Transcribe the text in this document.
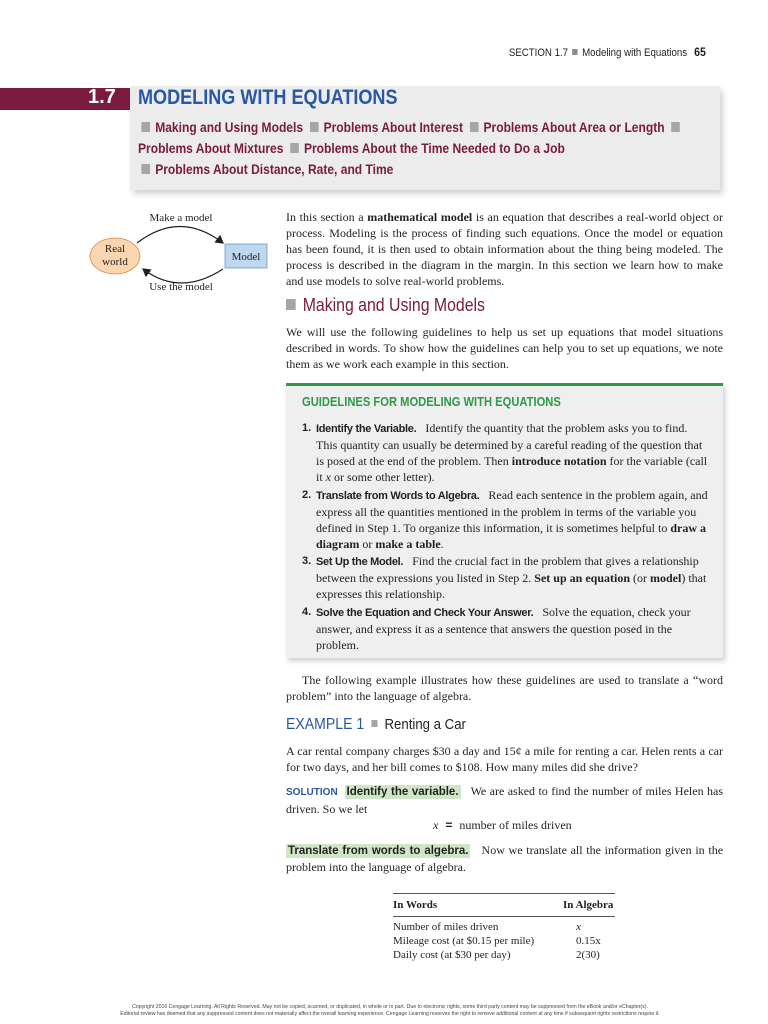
SECTION 1.7 Modeling with Equations 65
1.7 MODELING WITH EQUATIONS
Making and Using Models Problems About Interest Problems About Area or Length Problems About Mixtures Problems About the Time Needed to Do a Job
Problems About Distance, Rate, and Time
Make a model
Real
world	Model
Use the model
In this section a mathematical model is an equation that describes a real-world object or process. Modeling is the process of finding such equations. Once the model or equation has been found, it is then used to obtain information about the thing being modeled. The process is described in the diagram in the margin. In this section we learn how to make and use models to solve real-world problems.
Making and Using Models
We will use the following guidelines to help us set up equations that model situations described in words. To show how the guidelines can help you to set up equations, we note them as we work each example in this section.
GUIDELINES FOR MODELING WITH EQUATIONS
1. Identify the Variable. Identify the quantity that the problem asks you to find. This quantity can usually be determined by a careful reading of the question that is posed at the end of the problem. Then introduce notation for the variable (call it x or some other letter).
2. Translate from Words to Algebra. Read each sentence in the problem again, and express all the quantities mentioned in the problem in terms of the variable you defined in Step 1. To organize this information, it is sometimes helpful to draw a diagram or make a table.
3. Set Up the Model. Find the crucial fact in the problem that gives a relationship between the expressions you listed in Step 2. Set up an equation (or model) that expresses this relationship.
4. Solve the Equation and Check Your Answer. Solve the equation, check your answer, and express it as a sentence that answers the question posed in the problem.
The following example illustrates how these guidelines are used to translate a “word problem” into the language of algebra.
EXAMPLE 1 Renting a Car
A car rental company charges $30 a day and 15¢ a mile for renting a car. Helen rents a car for two days, and her bill comes to $108. How many miles did she drive?
SOLUTION Identify the variable. We are asked to find the number of miles Helen has driven. So we let
x = number of miles driven
Translate from words to algebra. Now we translate all the information given in the problem into the language of algebra.
In Words	In Algebra
Number of miles driven	x
Mileage cost (at $0.15 per mile)	0.15x
Daily cost (at $30 per day)	2(30)
Copyright 2016 Cengage Learning. All Rights Reserved. May not be copied, scanned, or duplicated, in whole or in part. Due to electronic rights, some third party content may be suppressed from the eBook and/or eChapter(s).
Editorial review has deemed that any suppressed content does not materially affect the overall learning experience. Cengage Learning reserves the right to remove additional content at any time if subsequent rights restrictions require it.
